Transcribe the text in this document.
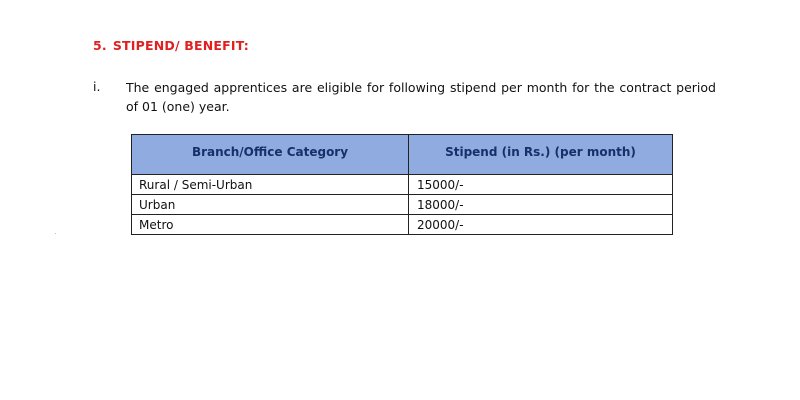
5. STIPEND/ BENEFIT:
i. The engaged apprentices are eligible for following stipend per month for the contract period of 01 (one) year.
Branch/Office Category	Stipend (in Rs.) (per month)
Rural / Semi-Urban	15000/-
Urban	18000/-
Metro	20000/-
